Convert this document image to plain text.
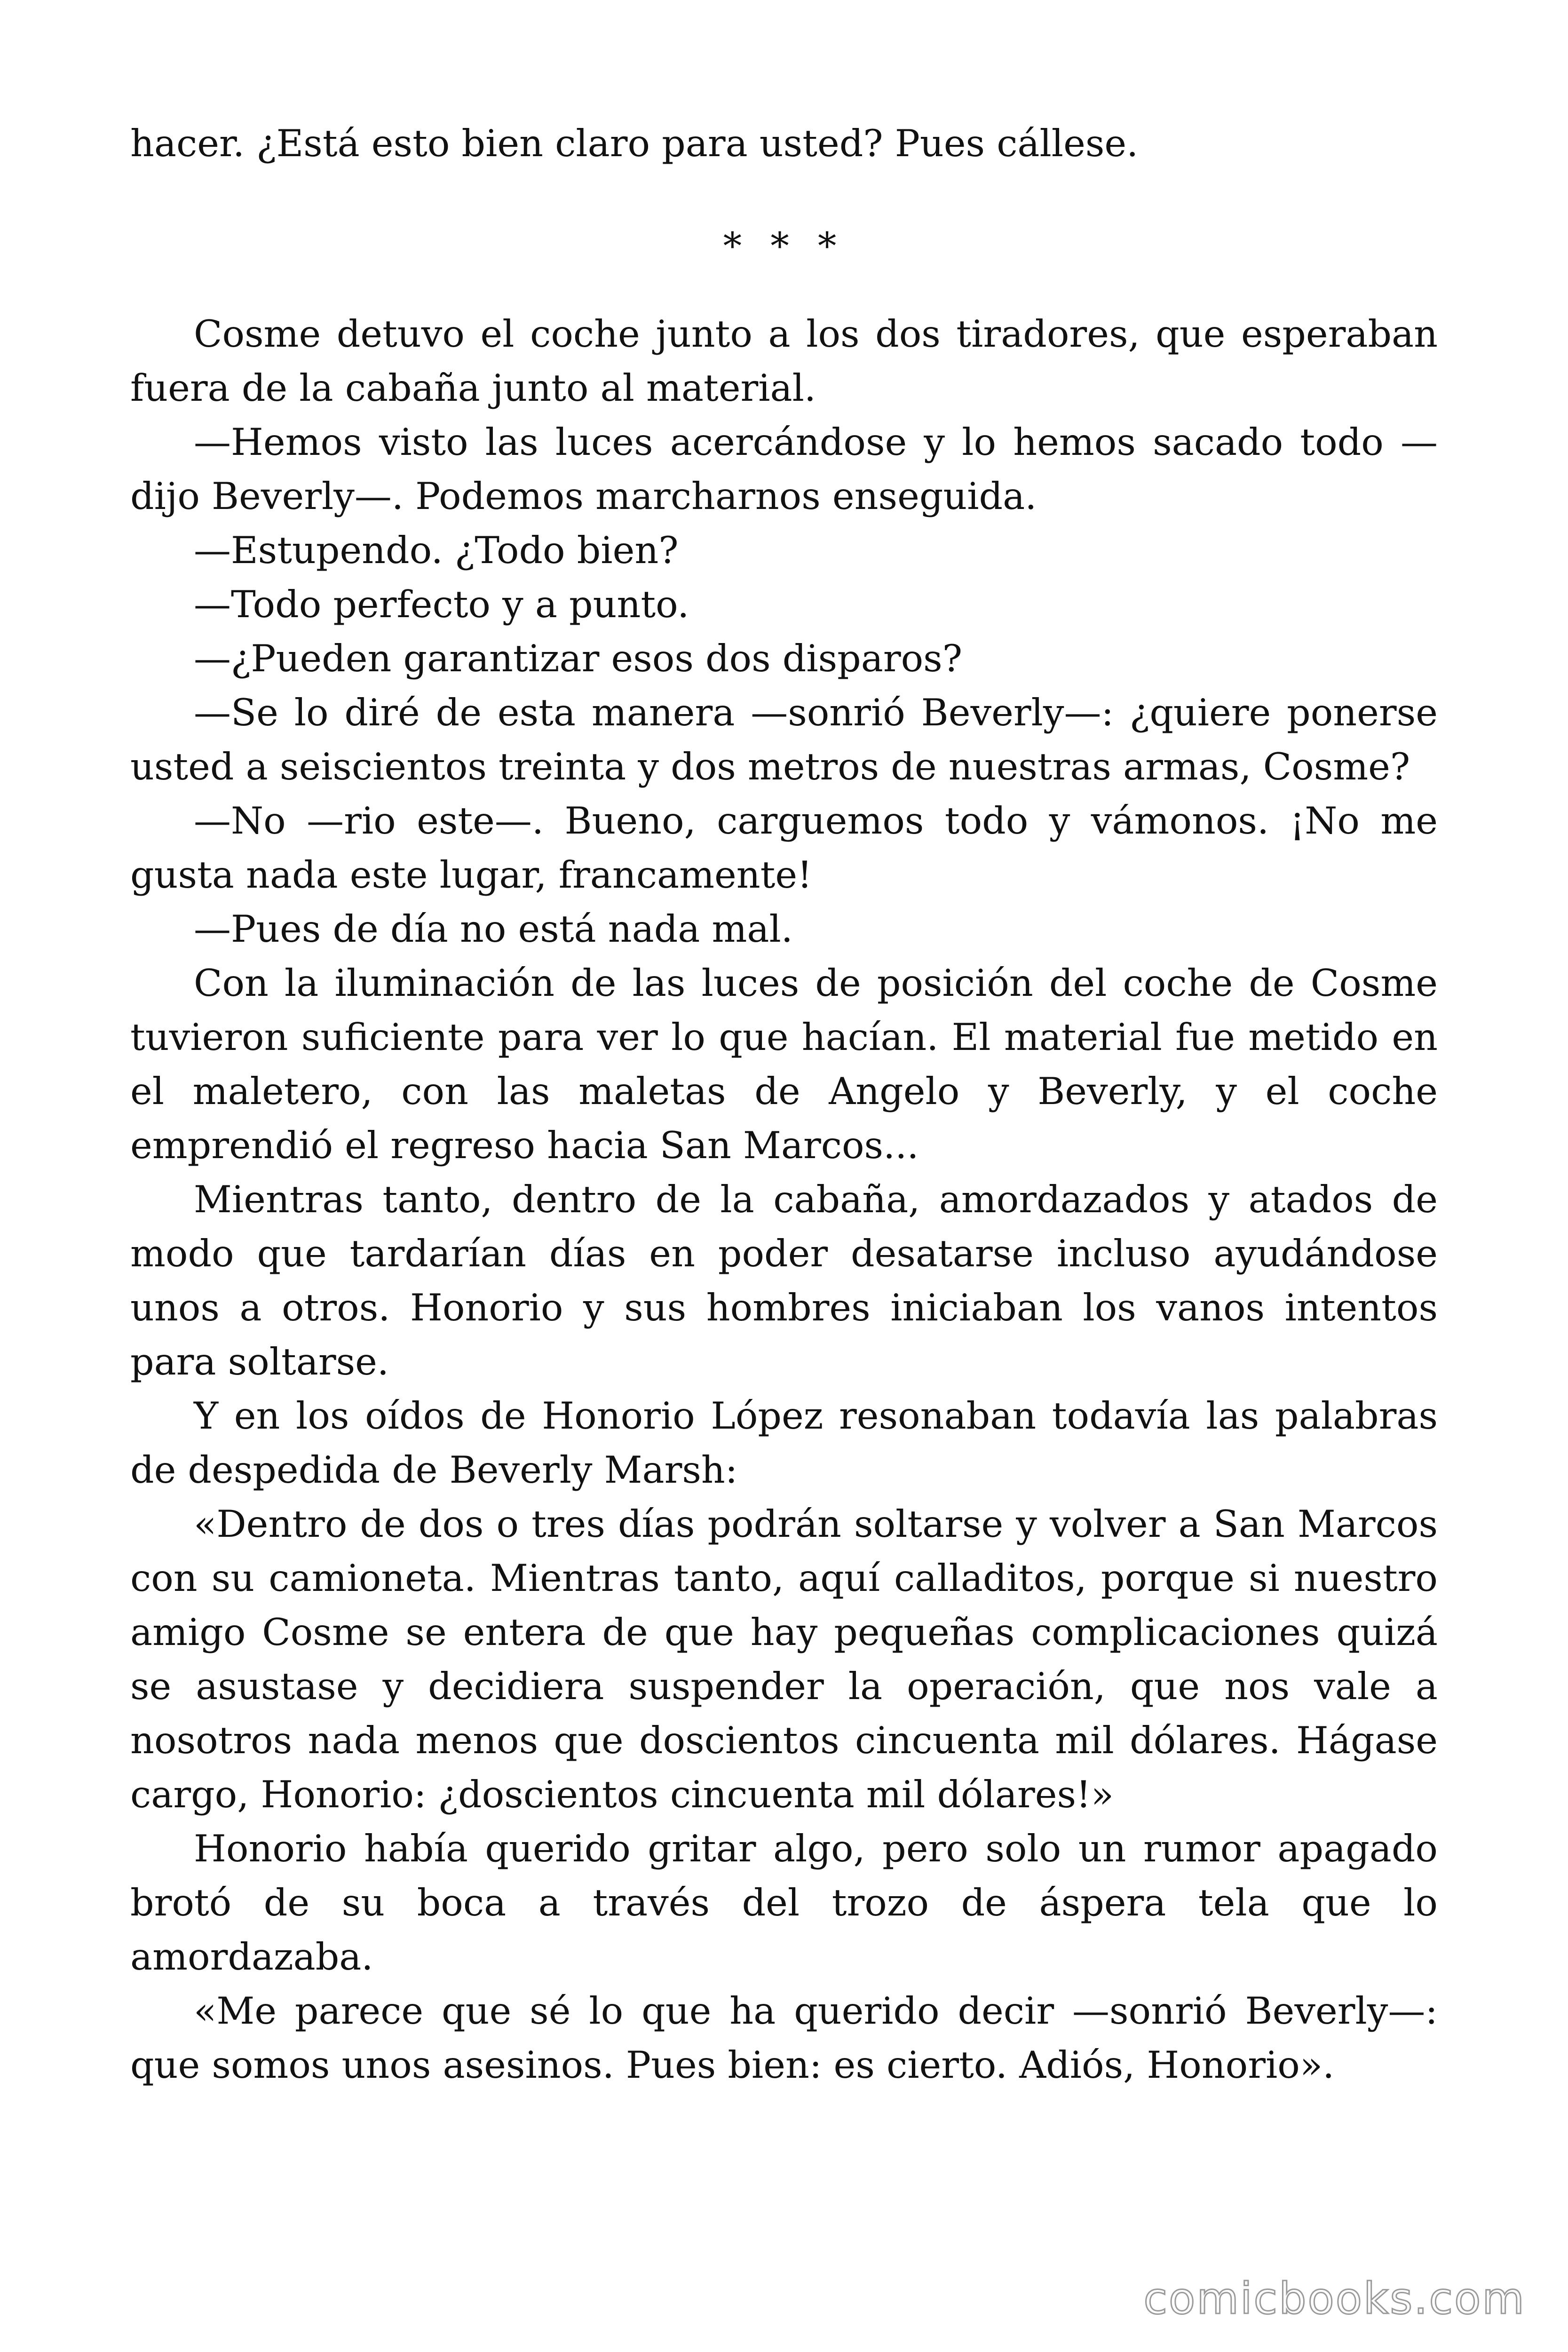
hacer. ¿Está esto bien claro para usted? Pues cállese.

* * *

Cosme detuvo el coche junto a los dos tiradores, que esperaban fuera de la cabaña junto al material.

—Hemos visto las luces acercándose y lo hemos sacado todo —dijo Beverly—. Podemos marcharnos enseguida.

—Estupendo. ¿Todo bien?

—Todo perfecto y a punto.

—¿Pueden garantizar esos dos disparos?

—Se lo diré de esta manera —sonrió Beverly—: ¿quiere ponerse usted a seiscientos treinta y dos metros de nuestras armas, Cosme?

—No —rio este—. Bueno, carguemos todo y vámonos. ¡No me gusta nada este lugar, francamente!

—Pues de día no está nada mal.

Con la iluminación de las luces de posición del coche de Cosme tuvieron suficiente para ver lo que hacían. El material fue metido en el maletero, con las maletas de Angelo y Beverly, y el coche emprendió el regreso hacia San Marcos...

Mientras tanto, dentro de la cabaña, amordazados y atados de modo que tardarían días en poder desatarse incluso ayudándose unos a otros. Honorio y sus hombres iniciaban los vanos intentos para soltarse.

Y en los oídos de Honorio López resonaban todavía las palabras de despedida de Beverly Marsh:

«Dentro de dos o tres días podrán soltarse y volver a San Marcos con su camioneta. Mientras tanto, aquí calladitos, porque si nuestro amigo Cosme se entera de que hay pequeñas complicaciones quizá se asustase y decidiera suspender la operación, que nos vale a nosotros nada menos que doscientos cincuenta mil dólares. Hágase cargo, Honorio: ¿doscientos cincuenta mil dólares!»

Honorio había querido gritar algo, pero solo un rumor apagado brotó de su boca a través del trozo de áspera tela que lo amordazaba.

«Me parece que sé lo que ha querido decir —sonrió Beverly—: que somos unos asesinos. Pues bien: es cierto. Adiós, Honorio».

comicbooks.com
